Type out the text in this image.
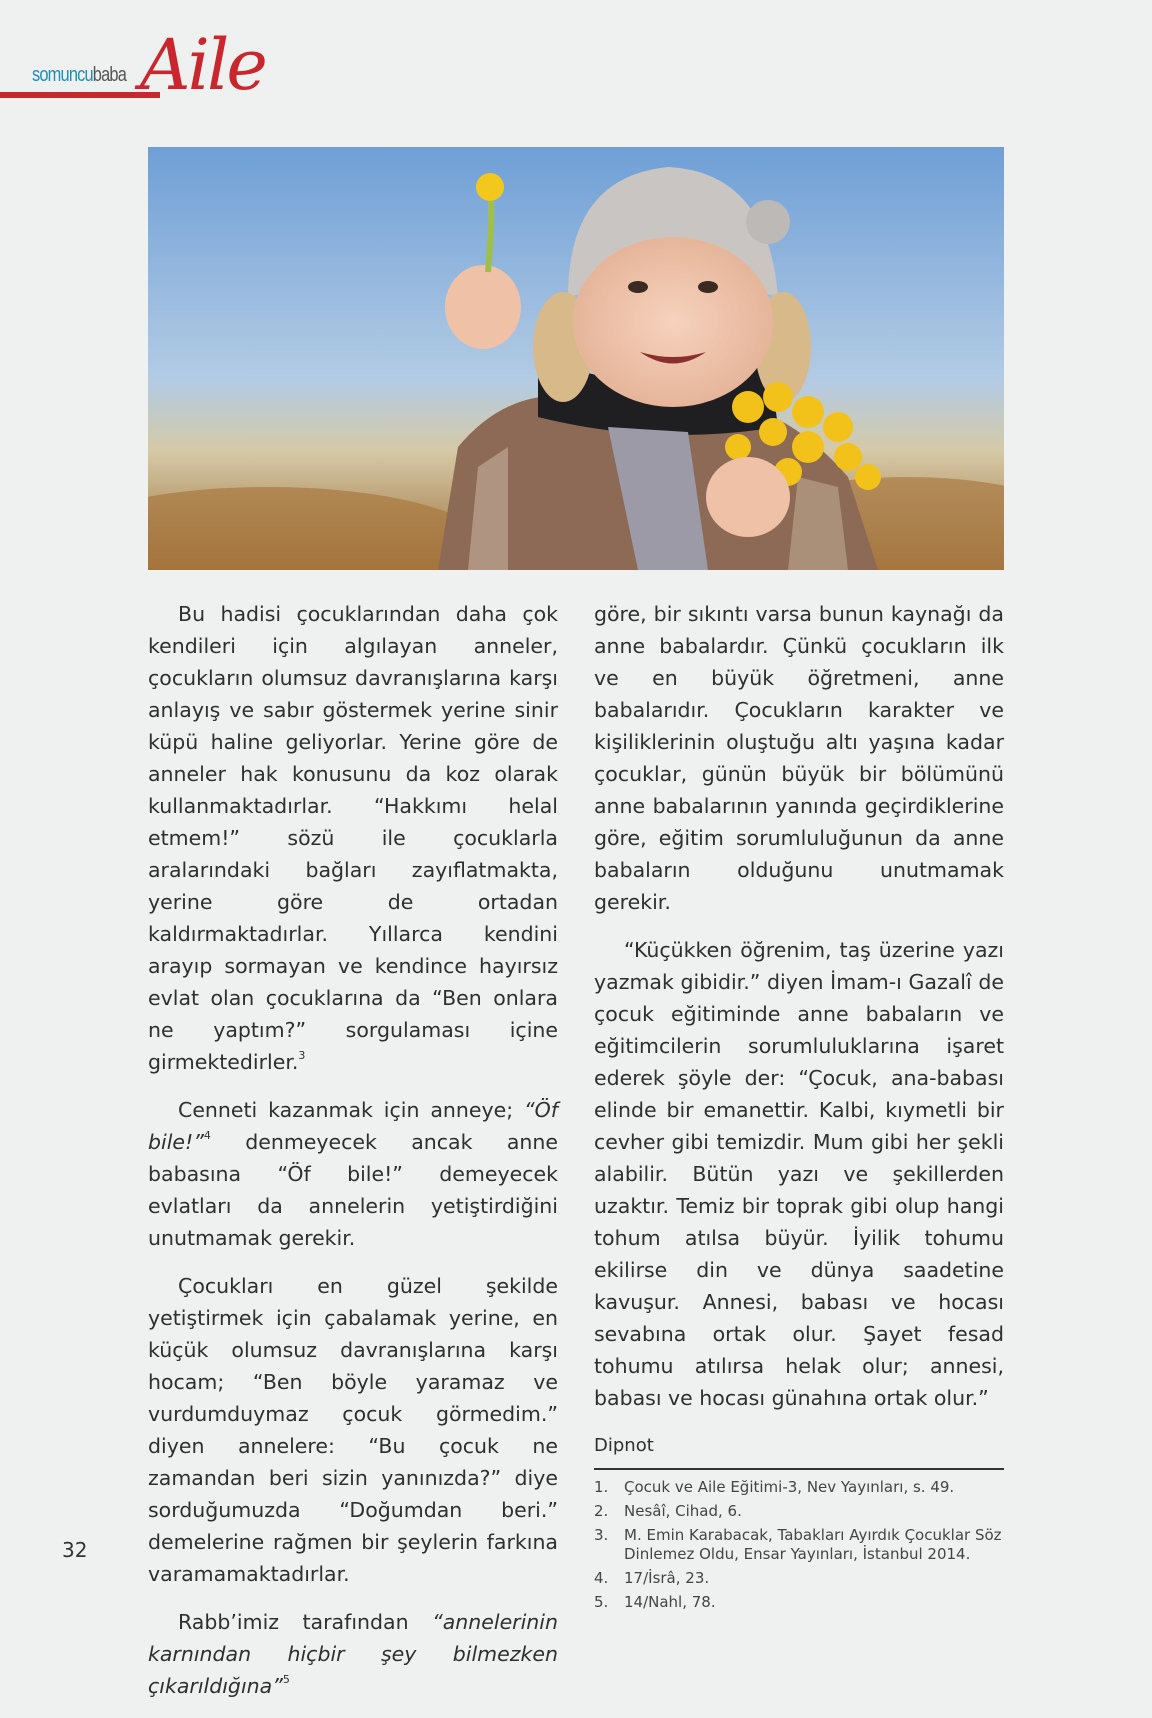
somuncubaba Aile

Bu hadisi çocuklarından daha çok kendileri için algılayan anneler, çocukların olumsuz davranışlarına karşı anlayış ve sabır göstermek yerine sinir küpü haline geliyorlar. Yerine göre de anneler hak konusunu da koz olarak kullanmaktadırlar. “Hakkımı helal etmem!” sözü ile çocuklarla aralarındaki bağları zayıflatmakta, yerine göre de ortadan kaldırmaktadırlar. Yıllarca kendini arayıp sormayan ve kendince hayırsız evlat olan çocuklarına da “Ben onlara ne yaptım?” sorgulaması içine girmektedirler.$^3$

Cenneti kazanmak için anneye; “Öf bile!”$^4$ denmeyecek ancak anne babasına “Öf bile!” demeyecek evlatları da annelerin yetiştirdiğini unutmamak gerekir.

Çocukları en güzel şekilde yetiştirmek için çabalamak yerine, en küçük olumsuz davranışlarına karşı hocam; “Ben böyle yaramaz ve vurdumduymaz çocuk görmedim.” diyen annelere: “Bu çocuk ne zamandan beri sizin yanınızda?” diye sorduğumuzda “Doğumdan beri.” demelerine rağmen bir şeylerin farkına varamamaktadırlar.

Rabb’imiz tarafından “annelerinin karnından hiçbir şey bilmezken çıkarıldığına”$^5$

göre, bir sıkıntı varsa bunun kaynağı da anne babalardır. Çünkü çocukların ilk ve en büyük öğretmeni, anne babalarıdır. Çocukların karakter ve kişiliklerinin oluştuğu altı yaşına kadar çocuklar, günün büyük bir bölümünü anne babalarının yanında geçirdiklerine göre, eğitim sorumluluğunun da anne babaların olduğunu unutmamak gerekir.

“Küçükken öğrenim, taş üzerine yazı yazmak gibidir.” diyen İmam-ı Gazalî de çocuk eğitiminde anne babaların ve eğitimcilerin sorumluluklarına işaret ederek şöyle der: “Çocuk, ana-babası elinde bir emanettir. Kalbi, kıymetli bir cevher gibi temizdir. Mum gibi her şekli alabilir. Bütün yazı ve şekillerden uzaktır. Temiz bir toprak gibi olup hangi tohum atılsa büyür. İyilik tohumu ekilirse din ve dünya saadetine kavuşur. Annesi, babası ve hocası sevabına ortak olur. Şayet fesad tohumu atılırsa helak olur; annesi, babası ve hocası günahına ortak olur.”

Dipnot
1.	Çocuk ve Aile Eğitimi-3, Nev Yayınları, s. 49.
2.	Nesâî, Cihad, 6.
3.	M. Emin Karabacak, Tabakları Ayırdık Çocuklar Söz Dinlemez Oldu, Ensar Yayınları, İstanbul 2014.
4.	17/İsrâ, 23.
5.	14/Nahl, 78.
32
